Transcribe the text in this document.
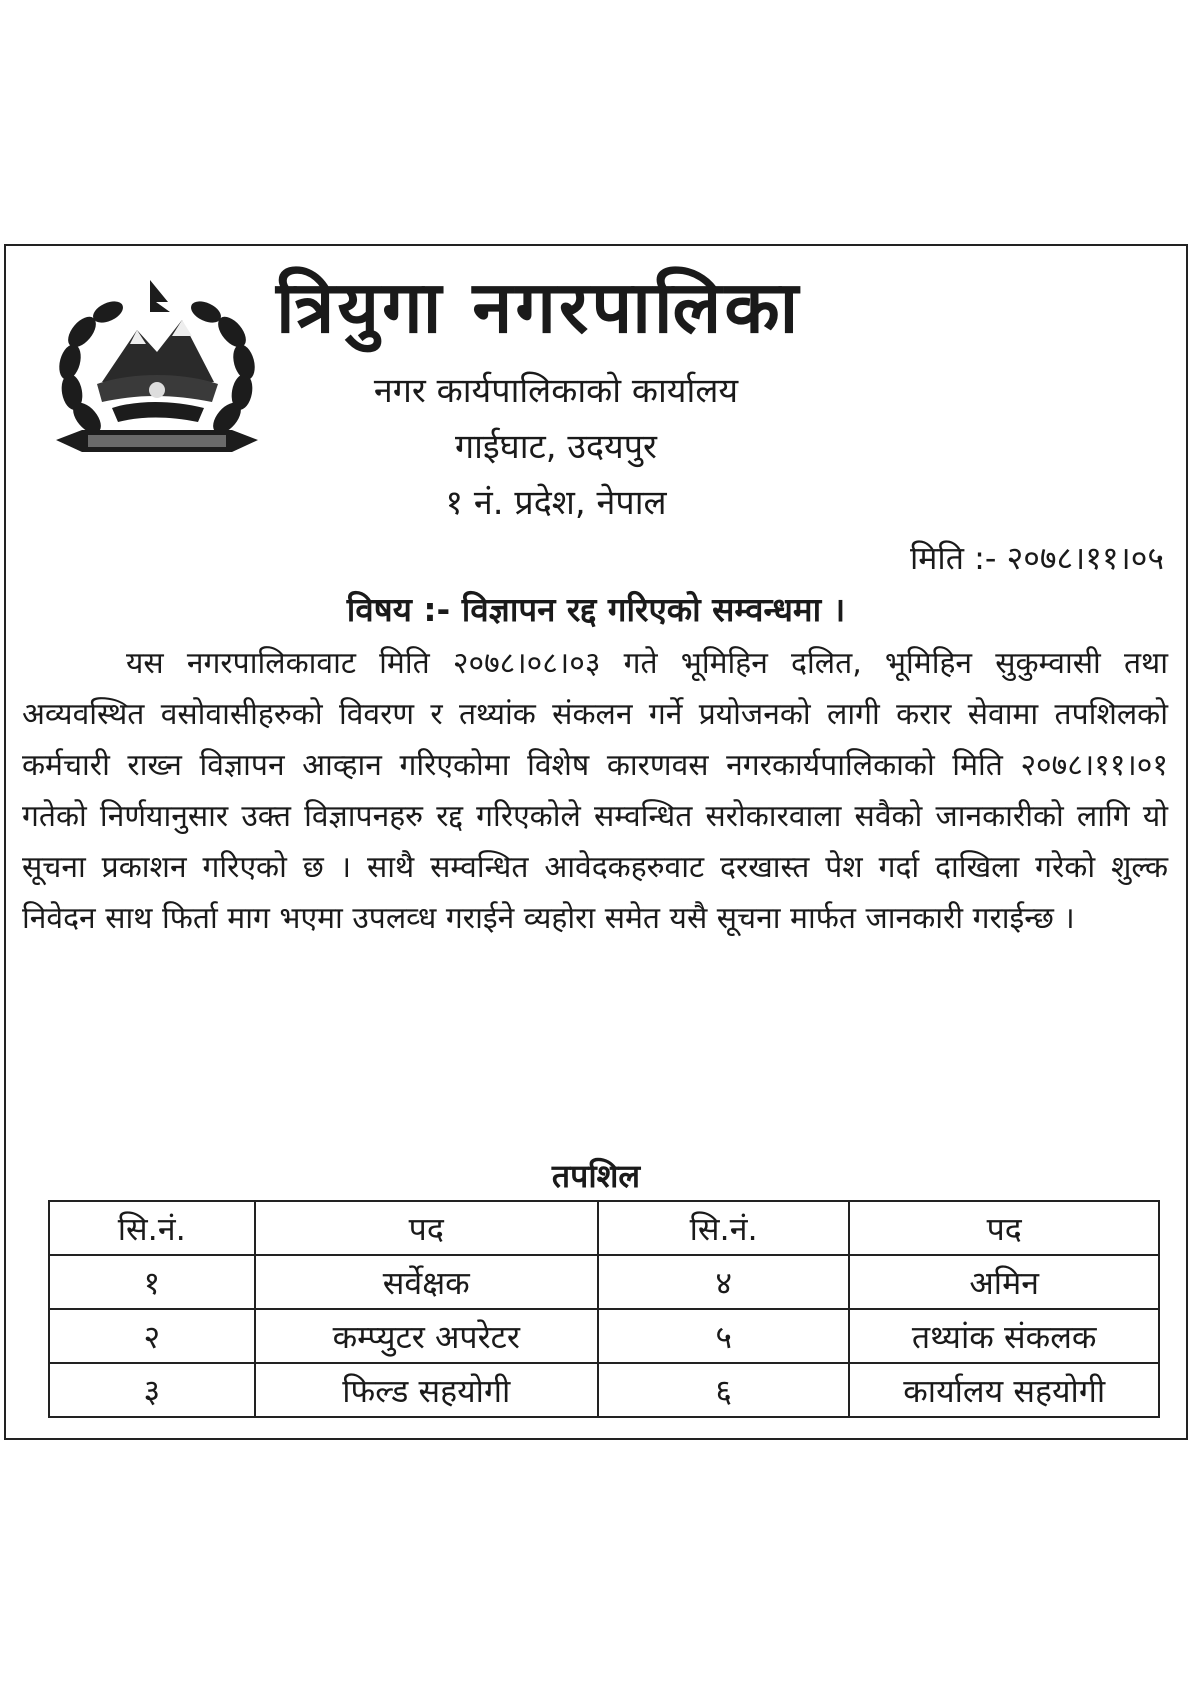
त्रियुगा नगरपालिका

नगर कार्यपालिकाको कार्यालय

गाईघाट, उदयपुर

१ नं. प्रदेश, नेपाल

मिति :- २०७८।११।०५
विषय :- विज्ञापन रद्द गरिएको सम्वन्धमा ।

यस नगरपालिकावाट मिति २०७८।०८।०३ गते भूमिहिन दलित, भूमिहिन सुकुम्वासी तथा अव्यवस्थित वसोवासीहरुको विवरण र तथ्यांक संकलन गर्ने प्रयोजनको लागी करार सेवामा तपशिलको कर्मचारी राख्न विज्ञापन आव्हान गरिएकोमा विशेष कारणवस नगरकार्यपालिकाको मिति २०७८।११।०१ गतेको निर्णयानुसार उक्त विज्ञापनहरु रद्द गरिएकोले सम्वन्धित सरोकारवाला सवैको जानकारीको लागि यो सूचना प्रकाशन गरिएको छ । साथै सम्वन्धित आवेदकहरुवाट दरखास्त पेश गर्दा दाखिला गरेको शुल्क निवेदन साथ फिर्ता माग भएमा उपलव्ध गराईने व्यहोरा समेत यसै सूचना मार्फत जानकारी गराईन्छ ।

तपशिल
सि.नं.	पद	सि.नं.	पद
१	सर्वेक्षक	४	अमिन
२	कम्प्युटर अपरेटर	५	तथ्यांक संकलक
३	फिल्ड सहयोगी	६	कार्यालय सहयोगी
